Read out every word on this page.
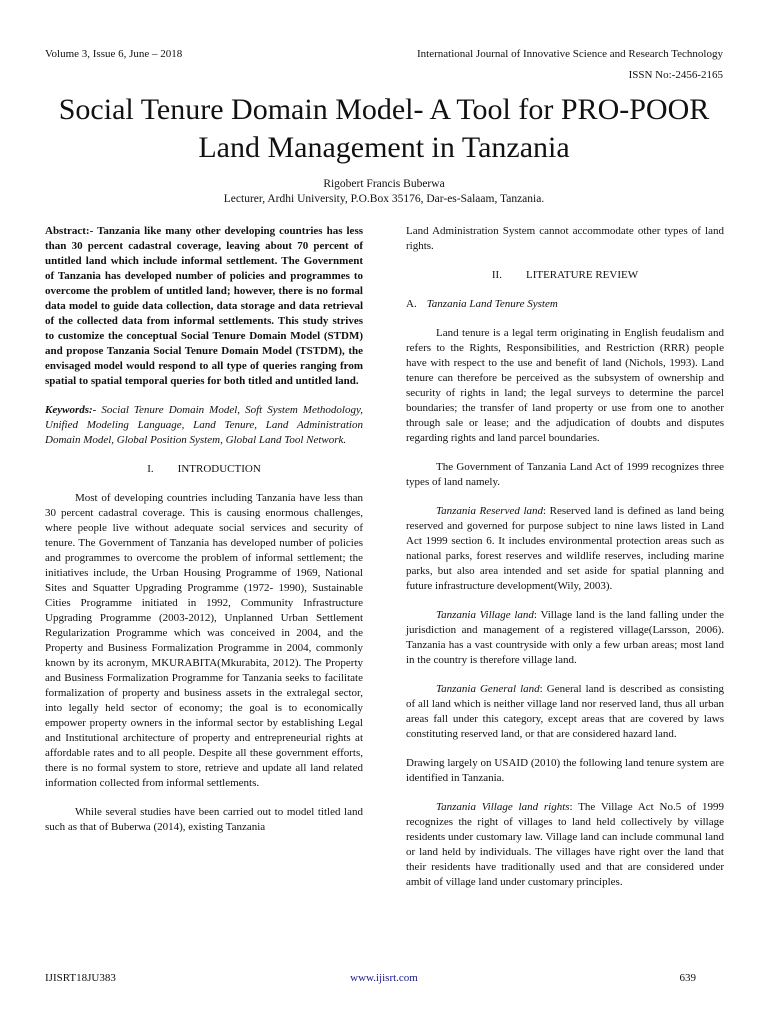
Volume 3, Issue 6, June – 2018	International Journal of Innovative Science and Research Technology
ISSN No:-2456-2165
Social Tenure Domain Model- A Tool for PRO-POOR Land Management in Tanzania
Rigobert Francis Buberwa
Lecturer, Ardhi University, P.O.Box 35176, Dar-es-Salaam, Tanzania.

Abstract:- Tanzania like many other developing countries has less than 30 percent cadastral coverage, leaving about 70 percent of untitled land which include informal settlement. The Government of Tanzania has developed number of policies and programmes to overcome the problem of untitled land; however, there is no formal data model to guide data collection, data storage and data retrieval of the collected data from informal settlements. This study strives to customize the conceptual Social Tenure Domain Model (STDM) and propose Tanzania Social Tenure Domain Model (TSTDM), the envisaged model would respond to all type of queries ranging from spatial to spatial temporal queries for both titled and untitled land.

Keywords:- Social Tenure Domain Model, Soft System Methodology, Unified Modeling Language, Land Tenure, Land Administration Domain Model, Global Position System, Global Land Tool Network.

I. INTRODUCTION

Most of developing countries including Tanzania have less than 30 percent cadastral coverage. This is causing enormous challenges, where people live without adequate social services and security of tenure. The Government of Tanzania has developed number of policies and programmes to overcome the problem of informal settlement; the initiatives include, the Urban Housing Programme of 1969, National Sites and Squatter Upgrading Programme (1972- 1990), Sustainable Cities Programme initiated in 1992, Community Infrastructure Upgrading Programme (2003-2012), Unplanned Urban Settlement Regularization Programme which was conceived in 2004, and the Property and Business Formalization Programme in 2004, commonly known by its acronym, MKURABITA(Mkurabita, 2012). The Property and Business Formalization Programme for Tanzania seeks to facilitate formalization of property and business assets in the extralegal sector, into legally held sector of economy; the goal is to economically empower property owners in the informal sector by establishing Legal and Institutional architecture of property and entrepreneurial rights at affordable rates and to all people. Despite all these government efforts, there is no formal system to store, retrieve and update all land related information collected from informal settlements.

While several studies have been carried out to model titled land such as that of Buberwa (2014), existing Tanzania

Land Administration System cannot accommodate other types of land rights.

II. LITERATURE REVIEW

A. Tanzania Land Tenure System

Land tenure is a legal term originating in English feudalism and refers to the Rights, Responsibilities, and Restriction (RRR) people have with respect to the use and benefit of land (Nichols, 1993). Land tenure can therefore be perceived as the subsystem of ownership and security of rights in land; the legal surveys to determine the parcel boundaries; the transfer of land property or use from one to another through sale or lease; and the adjudication of doubts and disputes regarding rights and land parcel boundaries.

The Government of Tanzania Land Act of 1999 recognizes three types of land namely.

Tanzania Reserved land: Reserved land is defined as land being reserved and governed for purpose subject to nine laws listed in Land Act 1999 section 6. It includes environmental protection areas such as national parks, forest reserves and wildlife reserves, including marine parks, but also area intended and set aside for spatial planning and future infrastructure development(Wily, 2003).

Tanzania Village land: Village land is the land falling under the jurisdiction and management of a registered village(Larsson, 2006). Tanzania has a vast countryside with only a few urban areas; most land in the country is therefore village land.

Tanzania General land: General land is described as consisting of all land which is neither village land nor reserved land, thus all urban areas fall under this category, except areas that are covered by laws constituting reserved land, or that are considered hazard land.

Drawing largely on USAID (2010) the following land tenure system are identified in Tanzania.

Tanzania Village land rights: The Village Act No.5 of 1999 recognizes the right of villages to land held collectively by village residents under customary law. Village land can include communal land or land held by individuals. The villages have right over the land that their residents have traditionally used and that are considered under ambit of village land under customary principles.

IJISRT18JU383	www.ijisrt.com	639
